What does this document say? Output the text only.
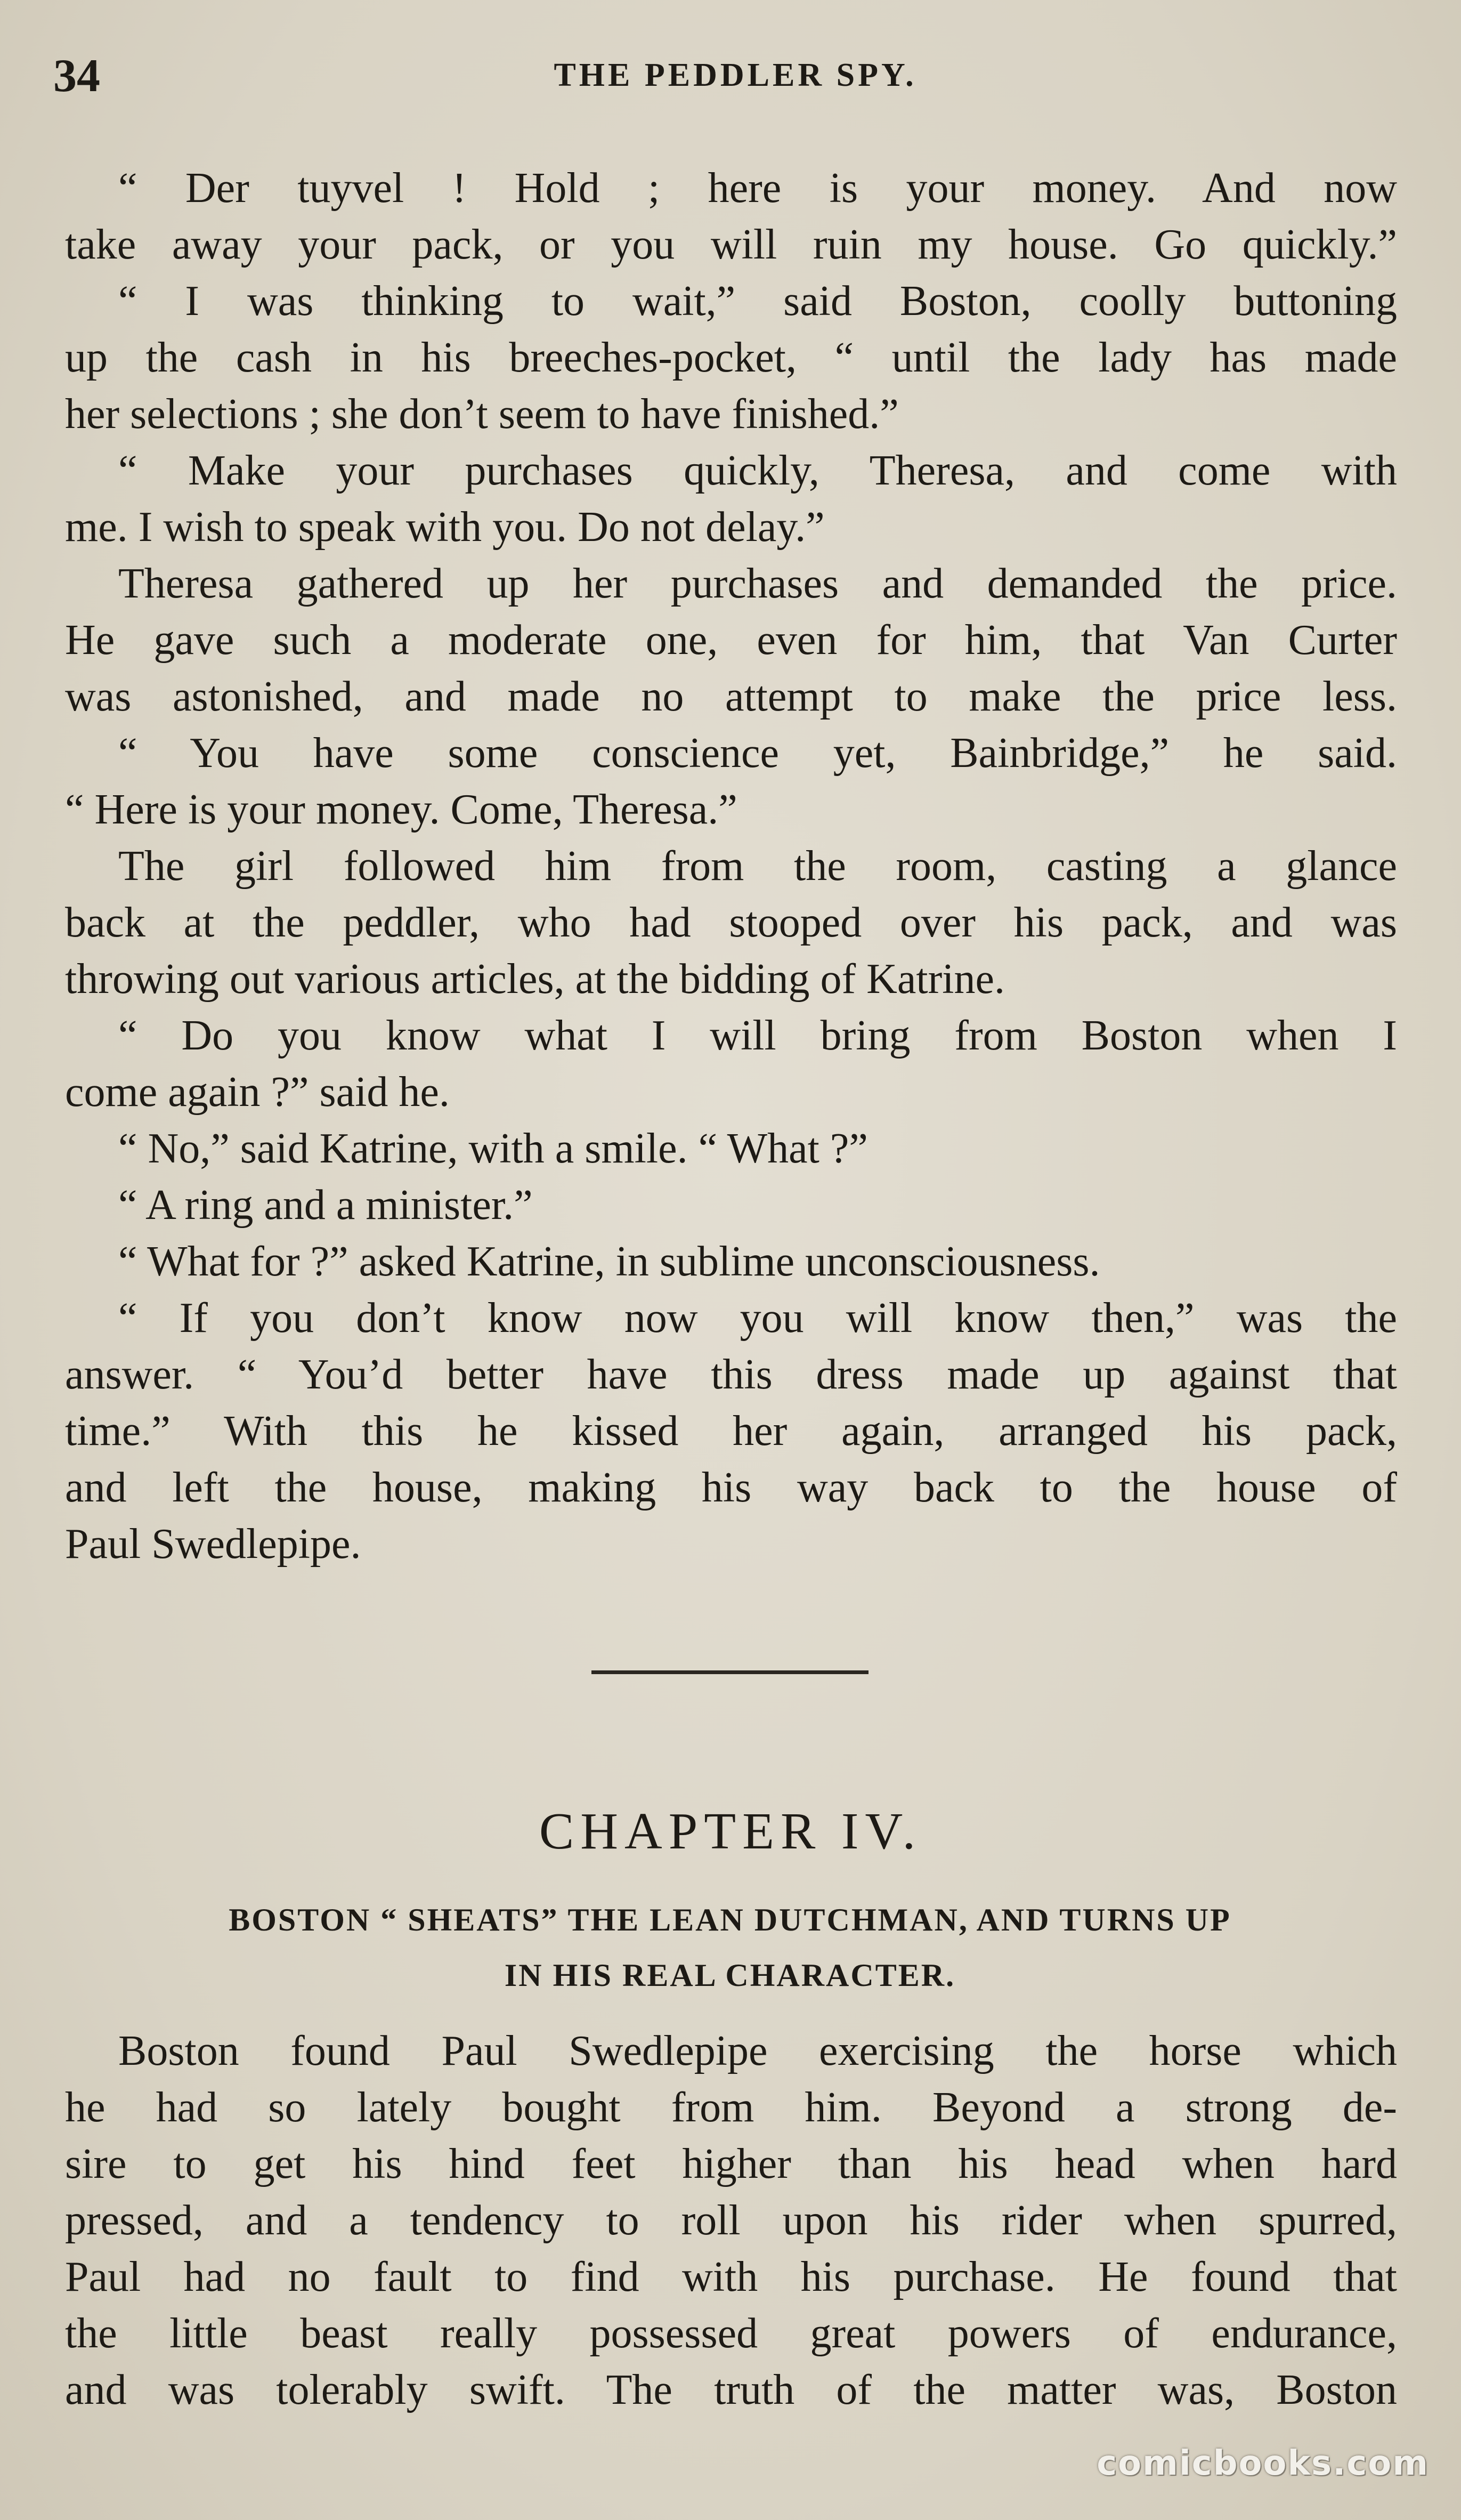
34	THE PEDDLER SPY.
“ Der tuyvel ! Hold ; here is your money. And now
take away your pack, or you will ruin my house. Go quickly.”
“ I was thinking to wait,” said Boston, coolly buttoning
up the cash in his breeches-pocket, “ until the lady has made
her selections ; she don’t seem to have finished.”
“ Make your purchases quickly, Theresa, and come with
me. I wish to speak with you. Do not delay.”
Theresa gathered up her purchases and demanded the price.
He gave such a moderate one, even for him, that Van Curter
was astonished, and made no attempt to make the price less.
“ You have some conscience yet, Bainbridge,” he said.
“ Here is your money. Come, Theresa.”
The girl followed him from the room, casting a glance
back at the peddler, who had stooped over his pack, and was
throwing out various articles, at the bidding of Katrine.
“ Do you know what I will bring from Boston when I
come again ?” said he.
“ No,” said Katrine, with a smile. “ What ?”
“ A ring and a minister.”
“ What for ?” asked Katrine, in sublime unconsciousness.
“ If you don’t know now you will know then,” was the
answer. “ You’d better have this dress made up against that
time.” With this he kissed her again, arranged his pack,
and left the house, making his way back to the house of
Paul Swedlepipe.
CHAPTER IV.
BOSTON “ SHEATS” THE LEAN DUTCHMAN, AND TURNS UP
IN HIS REAL CHARACTER.
Boston found Paul Swedlepipe exercising the horse which
he had so lately bought from him. Beyond a strong de-
sire to get his hind feet higher than his head when hard
pressed, and a tendency to roll upon his rider when spurred,
Paul had no fault to find with his purchase. He found that
the little beast really possessed great powers of endurance,
and was tolerably swift. The truth of the matter was, Boston
comicbooks.com
